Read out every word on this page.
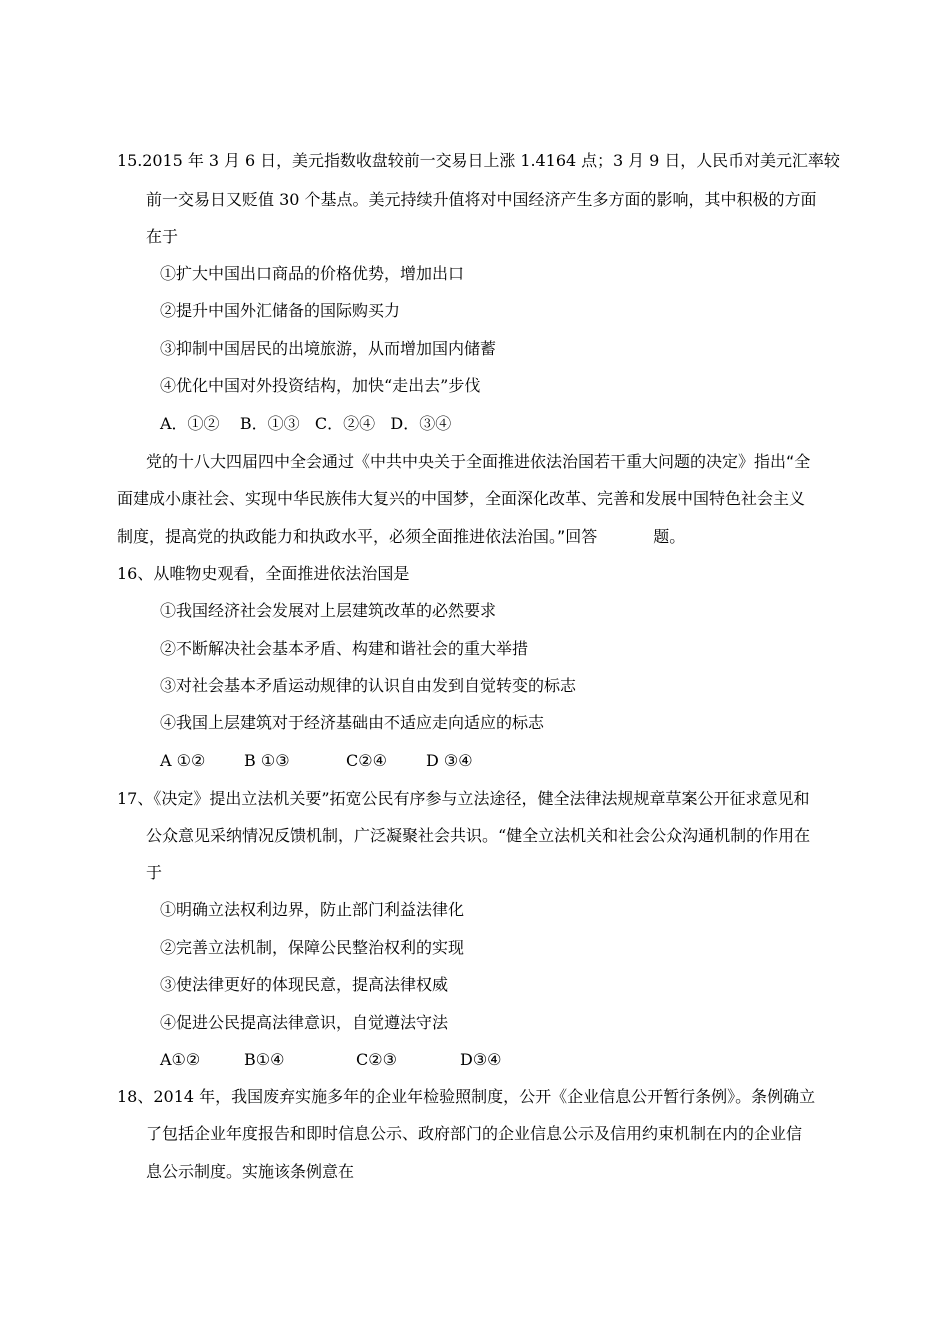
15.2015 年 3 月 6 日，美元指数收盘较前一交易日上涨 1.4164 点；3 月 9 日，人民币对美元汇率较
前一交易日又贬值 30 个基点。美元持续升值将对中国经济产生多方面的影响，其中积极的方面
在于
①扩大中国出口商品的价格优势，增加出口
②提升中国外汇储备的国际购买力
③抑制中国居民的出境旅游，从而增加国内储蓄
④优化中国对外投资结构，加快“走出去”步伐
A．①②    B．①③   C．②④   D．③④
党的十八大四届四中全会通过《中共中央关于全面推进依法治国若干重大问题的决定》指出“全
面建成小康社会、实现中华民族伟大复兴的中国梦，全面深化改革、完善和发展中国特色社会主义
制度，提高党的执政能力和执政水平，必须全面推进依法治国。”回答           题。
16、从唯物史观看，全面推进依法治国是
①我国经济社会发展对上层建筑改革的必然要求
②不断解决社会基本矛盾、构建和谐社会的重大举措
③对社会基本矛盾运动规律的认识自由发到自觉转变的标志
④我国上层建筑对于经济基础由不适应走向适应的标志
A ①② B ①③	C②④ D ③④
17、《决定》提出立法机关要”拓宽公民有序参与立法途径，健全法律法规规章草案公开征求意见和
公众意见采纳情况反馈机制，广泛凝聚社会共识。“健全立法机关和社会公众沟通机制的作用在
于
①明确立法权利边界，防止部门利益法律化
②完善立法机制，保障公民整治权利的实现
③使法律更好的体现民意，提高法律权威
④促进公民提高法律意识，自觉遵法守法
A①②	B①④	C②③	D③④
18、2014 年，我国废弃实施多年的企业年检验照制度，公开《企业信息公开暂行条例》。条例确立
了包括企业年度报告和即时信息公示、政府部门的企业信息公示及信用约束机制在内的企业信
息公示制度。实施该条例意在
